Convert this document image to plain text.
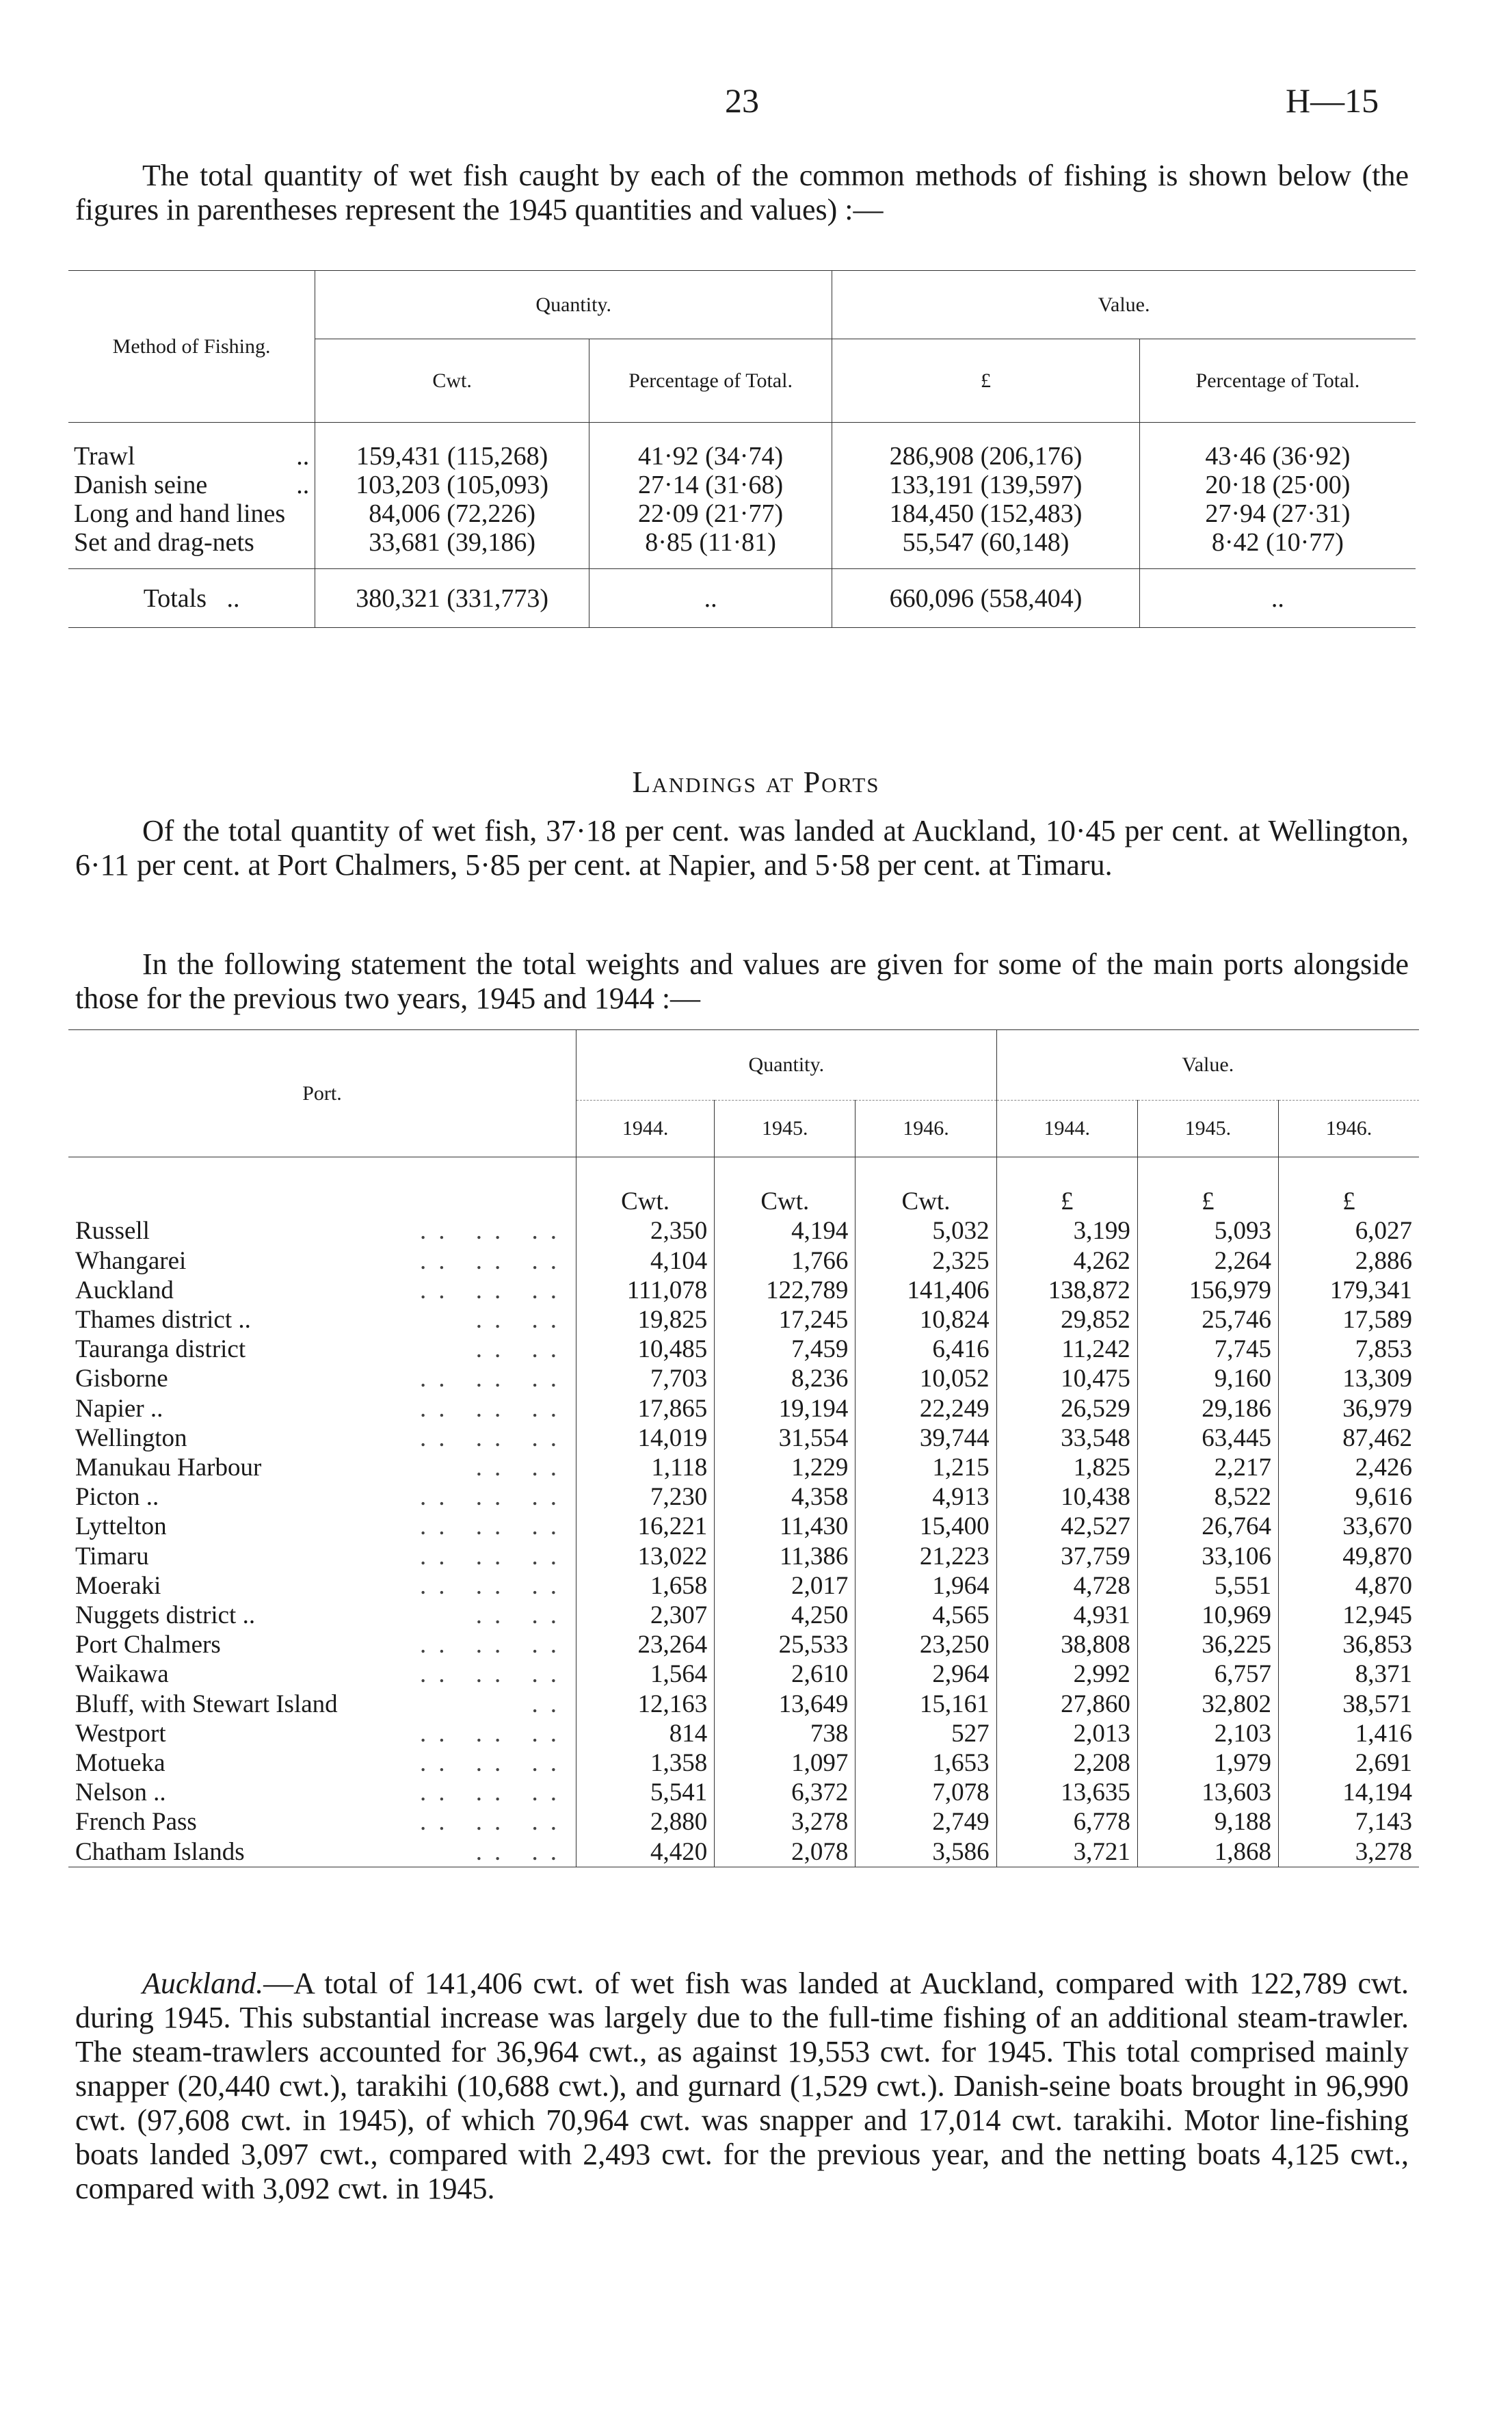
23	H—15

The total quantity of wet fish caught by each of the common methods of fishing is shown below (the figures in parentheses represent the 1945 quantities and values) :—

Method of Fishing.	Quantity.		Value.	
	Cwt.	Percentage of Total.	£	Percentage of Total.

Trawl ..	159,431 (115,268)	41·92 (34·74)	286,908 (206,176)	43·46 (36·92)
Danish seine ..	103,203 (105,093)	27·14 (31·68)	133,191 (139,597)	20·18 (25·00)
Long and hand lines	84,006 (72,226)	22·09 (21·77)	184,450 (152,483)	27·94 (27·31)
Set and drag-nets	33,681 (39,186)	8·85 (11·81)	55,547 (60,148)	8·42 (10·77)

Totals ..	380,321 (331,773)	..	660,096 (558,404)	..
Landings at Ports

Of the total quantity of wet fish, 37·18 per cent. was landed at Auckland, 10·45 per cent. at Wellington, 6·11 per cent. at Port Chalmers, 5·85 per cent. at Napier, and 5·58 per cent. at Timaru.

In the following statement the total weights and values are given for some of the main ports alongside those for the previous two years, 1945 and 1944 :—

Port.	Quantity.			Value.		
	1944.	1945.	1946.	1944.	1945.	1946.

	Cwt.	Cwt.	Cwt.	£	£	£
Russell .. .. ..	2,350	4,194	5,032	3,199	5,093	6,027
Whangarei .. .. ..	4,104	1,766	2,325	4,262	2,264	2,886
Auckland .. .. ..	111,078	122,789	141,406	138,872	156,979	179,341
Thames district .. .. ..	19,825	17,245	10,824	29,852	25,746	17,589
Tauranga district .. ..	10,485	7,459	6,416	11,242	7,745	7,853
Gisborne .. .. ..	7,703	8,236	10,052	10,475	9,160	13,309
Napier .. .. .. ..	17,865	19,194	22,249	26,529	29,186	36,979
Wellington .. .. ..	14,019	31,554	39,744	33,548	63,445	87,462
Manukau Harbour .. ..	1,118	1,229	1,215	1,825	2,217	2,426
Picton .. .. .. ..	7,230	4,358	4,913	10,438	8,522	9,616
Lyttelton .. .. ..	16,221	11,430	15,400	42,527	26,764	33,670
Timaru .. .. ..	13,022	11,386	21,223	37,759	33,106	49,870
Moeraki .. .. ..	1,658	2,017	1,964	4,728	5,551	4,870
Nuggets district .. .. ..	2,307	4,250	4,565	4,931	10,969	12,945
Port Chalmers .. .. ..	23,264	25,533	23,250	38,808	36,225	36,853
Waikawa .. .. ..	1,564	2,610	2,964	2,992	6,757	8,371
Bluff, with Stewart Island ..	12,163	13,649	15,161	27,860	32,802	38,571
Westport .. .. ..	814	738	527	2,013	2,103	1,416
Motueka .. .. ..	1,358	1,097	1,653	2,208	1,979	2,691
Nelson .. .. .. ..	5,541	6,372	7,078	13,635	13,603	14,194
French Pass .. .. ..	2,880	3,278	2,749	6,778	9,188	7,143
Chatham Islands .. ..	4,420	2,078	3,586	3,721	1,868	3,278

Auckland.—A total of 141,406 cwt. of wet fish was landed at Auckland, compared with 122,789 cwt. during 1945. This substantial increase was largely due to the full-time fishing of an additional steam-trawler. The steam-trawlers accounted for 36,964 cwt., as against 19,553 cwt. for 1945. This total comprised mainly snapper (20,440 cwt.), tarakihi (10,688 cwt.), and gurnard (1,529 cwt.). Danish-seine boats brought in 96,990 cwt. (97,608 cwt. in 1945), of which 70,964 cwt. was snapper and 17,014 cwt. tarakihi. Motor line-fishing boats landed 3,097 cwt., compared with 2,493 cwt. for the previous year, and the netting boats 4,125 cwt., compared with 3,092 cwt. in 1945.
